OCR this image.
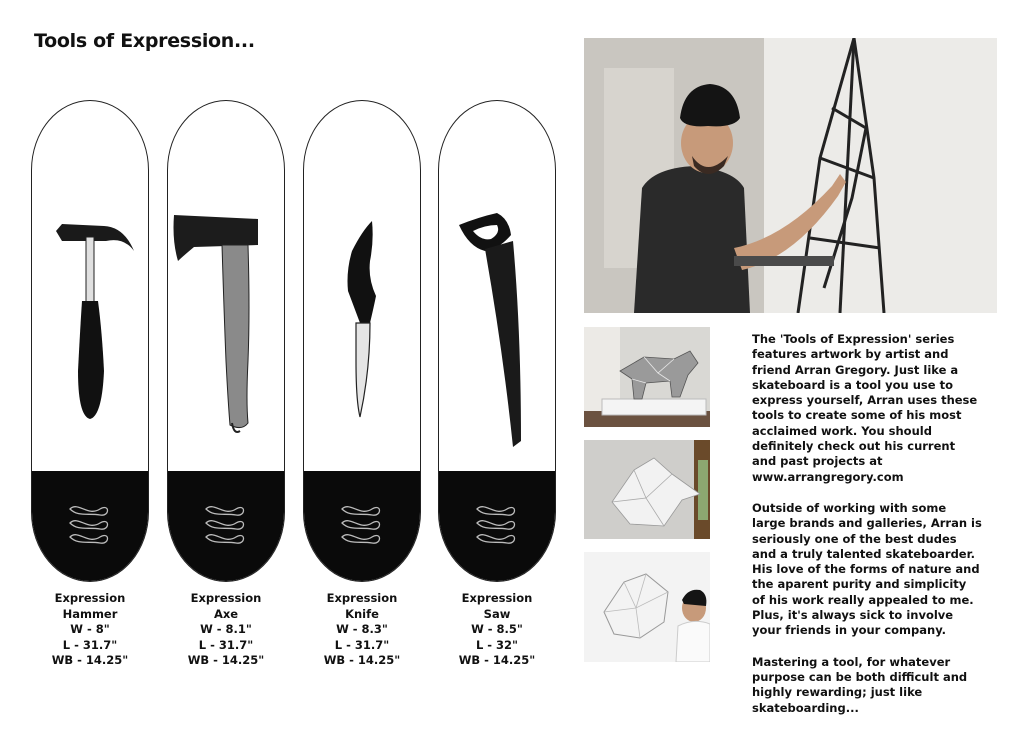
Tools of Expression...
Expression
Hammer
W - 8"
L - 31.7"
WB - 14.25"
Expression
Axe
W - 8.1"
L - 31.7"
WB - 14.25"
Expression
Knife
W - 8.3"
L - 31.7"
WB - 14.25"
Expression
Saw
W - 8.5"
L - 32"
WB - 14.25"

The 'Tools of Expression' series features artwork by artist and friend Arran Gregory. Just like a skateboard is a tool you use to express yourself, Arran uses these tools to create some of his most acclaimed work. You should definitely check out his current and past projects at www.arrangregory.com

Outside of working with some large brands and galleries, Arran is seriously one of the best dudes and a truly talented skateboarder. His love of the forms of nature and the aparent purity and simplicity of his work really appealed to me. Plus, it's always sick to involve your friends in your company.

Mastering a tool, for whatever purpose can be both difficult and highly rewarding; just like skateboarding...
